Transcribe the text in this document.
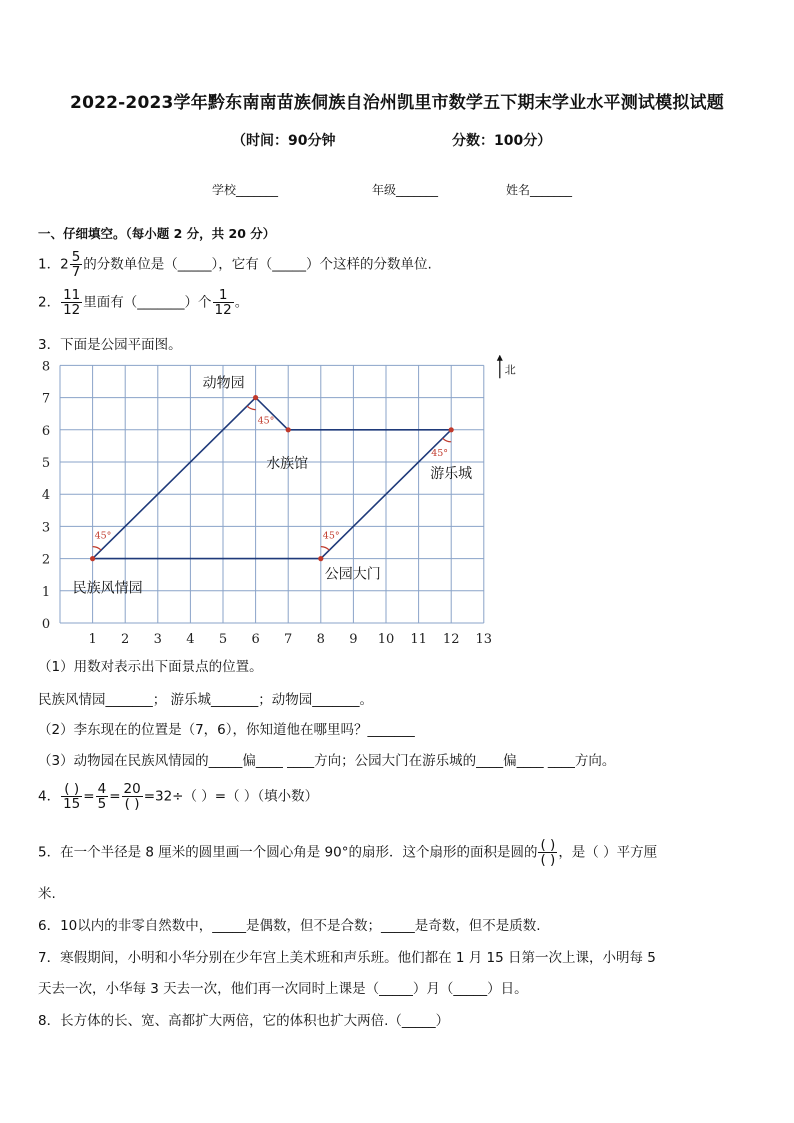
2022-2023学年黔东南南苗族侗族自治州凯里市数学五下期末学业水平测试模拟试题
（时间：90分钟	分数：100分）
学校_______	年级_______	姓名_______
一、仔细填空。（每小题 2 分，共 20 分）
1．$2 \frac{5}{7}$ 的分数单位是（_____），它有（_____）个这样的分数单位.
2． $\frac{11}{12}$ 里面有（_______）个 $\frac{1}{12}$ 。
3．下面是公园平面图。
1 2 3 4 5 6 7 8 9 10 11 12 13
0
1
2
3
4
5
6
7
8	北
45°	45°
45°
45°
民族风情园
动物园
水族馆
游乐城
公园大门
（1）用数对表示出下面景点的位置。
民族风情园_______； 游乐城_______；动物园_______。
（2）李东现在的位置是（7，6），你知道他在哪里吗？_______
（3）动物园在民族风情园的_____偏____ ____方向；公园大门在游乐城的____偏____ ____方向。
4． $\frac{( )}{15} = \frac{4}{5} = \frac{20}{( )} =32\div$（ ）=（ ）（填小数）
5．在一个半径是 8 厘米的圆里画一个圆心角是 90°的扇形．这个扇形的面积是圆的 $\frac{( )}{( )}$ ，是（ ）平方厘
米.
6．10以内的非零自然数中，_____是偶数，但不是合数；_____是奇数，但不是质数.
7．寒假期间，小明和小华分别在少年宫上美术班和声乐班。他们都在 1 月 15 日第一次上课，小明每 5
天去一次，小华每 3 天去一次，他们再一次同时上课是（_____）月（_____）日。
8．长方体的长、宽、高都扩大两倍，它的体积也扩大两倍.（_____）
